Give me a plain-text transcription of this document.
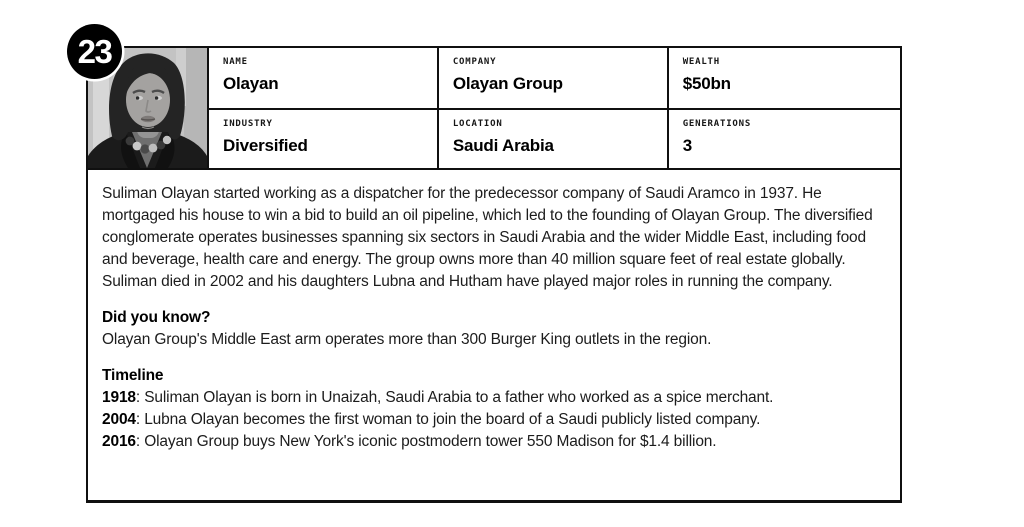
23	NAME
Olayan
COMPANY
Olayan Group
WEALTH
$50bn
INDUSTRY
Diversified
LOCATION
Saudi Arabia
GENERATIONS
3

Suliman Olayan started working as a dispatcher for the predecessor company of Saudi Aramco in 1937. He mortgaged his house to win a bid to build an oil pipeline, which led to the founding of Olayan Group. The diversified conglomerate operates businesses spanning six sectors in Saudi Arabia and the wider Middle East, including food and beverage, health care and energy. The group owns more than 40 million square feet of real estate globally. Suliman died in 2002 and his daughters Lubna and Hutham have played major roles in running the company.

Did you know?
Olayan Group's Middle East arm operates more than 300 Burger King outlets in the region.
Timeline
1918: Suliman Olayan is born in Unaizah, Saudi Arabia to a father who worked as a spice merchant.
2004: Lubna Olayan becomes the first woman to join the board of a Saudi publicly listed company.
2016: Olayan Group buys New York's iconic postmodern tower 550 Madison for $1.4 billion.
